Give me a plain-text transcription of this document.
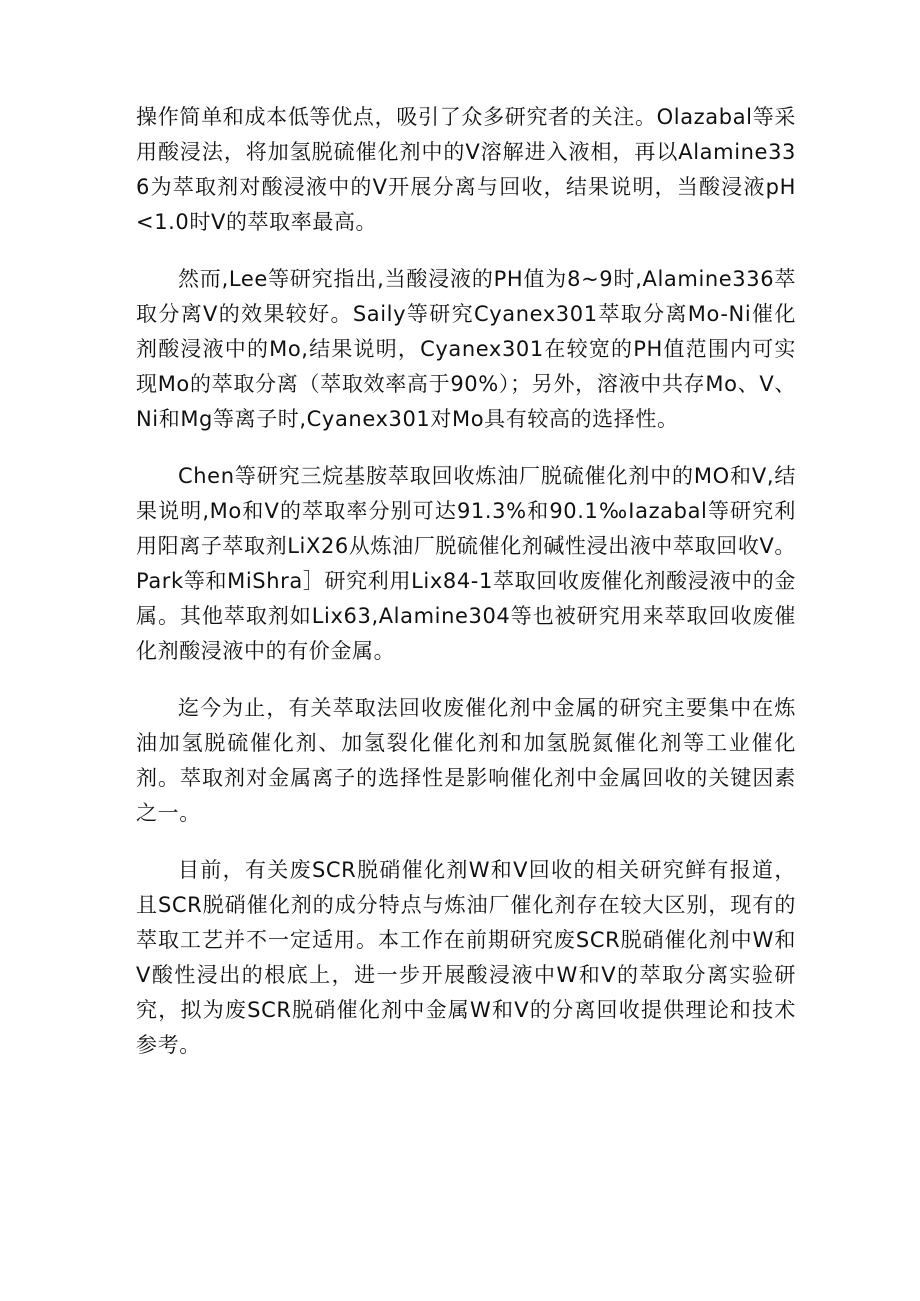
操作简单和成本低等优点，吸引了众多研究者的关注。Olazabal等采用酸浸法，将加氢脱硫催化剂中的V溶解进入液相，再以Alamine336为萃取剂对酸浸液中的V开展分离与回收，结果说明，当酸浸液pH<1.0时V的萃取率最高。

然而,Lee等研究指出,当酸浸液的PH值为8~9时,Alamine336萃取分离V的效果较好。Saily等研究Cyanex301萃取分离Mo-Ni催化剂酸浸液中的Mo,结果说明，Cyanex301在较宽的PH值范围内可实现Mo的萃取分离（萃取效率高于90%）；另外，溶液中共存Mo、V、Ni和Mg等离子时,Cyanex301对Mo具有较高的选择性。

Chen等研究三烷基胺萃取回收炼油厂脱硫催化剂中的MO和V,结果说明,Mo和V的萃取率分别可达91.3%和90.1‰Iazabal等研究利用阳离子萃取剂LiX26从炼油厂脱硫催化剂碱性浸出液中萃取回收V。Park等和MiShra］研究利用Lix84-1萃取回收废催化剂酸浸液中的金属。其他萃取剂如Lix63,Alamine304等也被研究用来萃取回收废催化剂酸浸液中的有价金属。

迄今为止，有关萃取法回收废催化剂中金属的研究主要集中在炼油加氢脱硫催化剂、加氢裂化催化剂和加氢脱氮催化剂等工业催化剂。萃取剂对金属离子的选择性是影响催化剂中金属回收的关键因素之一。

目前，有关废SCR脱硝催化剂W和V回收的相关研究鲜有报道，且SCR脱硝催化剂的成分特点与炼油厂催化剂存在较大区别，现有的萃取工艺并不一定适用。本工作在前期研究废SCR脱硝催化剂中W和V酸性浸出的根底上，进一步开展酸浸液中W和V的萃取分离实验研究，拟为废SCR脱硝催化剂中金属W和V的分离回收提供理论和技术参考。
